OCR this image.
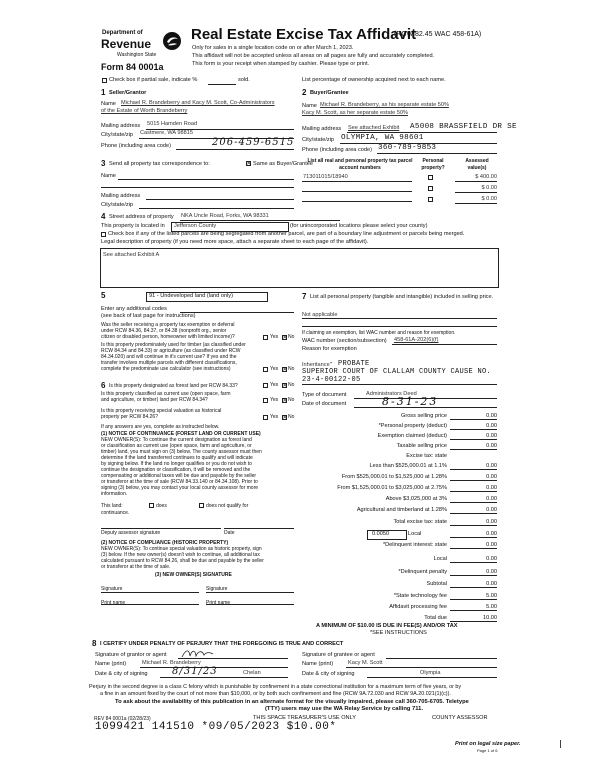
Department of
Revenue
Washington State
Form 84 0001a
Real Estate Excise Tax Affidavit
(RCW 82.45 WAC 458-61A)
Only for sales in a single location code on or after March 1, 2023.
This affidavit will not be accepted unless all areas on all pages are fully and accurately completed.
This form is your receipt when stamped by cashier. Please type or print.
Check box if partial sale, indicate %	sold.	List percentage of ownership acquired next to each name.
1 Seller/Grantor
Name Michael R. Brandeberry and Kacy M. Scott, Co-Administrators
of the Estate of Worth Brandeberry
Mailing address 5015 Hamden Road
City/state/zip Castmere, WA 98815
Phone (including area code)	206-459-6515
2 Buyer/Grantee
Name Michael R. Brandeberry, as his separate estate 50%
Kacy M. Scott, as her separate estate 50%
Mailing address See attached Exhibit A5008 BRASSFIELD DR SE
City/state/zip OLYMPIA, WA 98601
Phone (including area code) 360-789-9853
3 Send all property tax correspondence to: ✕	Same as Buyer/Grantee
Name
Mailing address
City/state/zip
List all real and personal property tax parcel account numbers
Personal property?
Assessed value(s)
713011015/18940	$ 400.00
$ 0.00
$ 0.00
4 Street address of property NKA Uncle Road, Forks, WA 98331
This property is located in Jefferson County	(for unincorporated locations please select your county)
Check box if any of the listed parcels are being segregated from another parcel, are part of a boundary line adjustment or parcels being merged.
Legal description of property (if you need more space, attach a separate sheet to each page of the affidavit).
See attached Exhibit A
5	91 - Undeveloped land (land only)
Enter any additional codes
(see back of last page for instructions)
Was the seller receiving a property tax exemption or deferral
under RCW 84.36, 84.37, or 84.38 (nonprofit org., senior
citizen or disabled person, homeowner with limited income)?	Yes ✕ No
Is this property predominately used for timber (as classified under
RCW 84.34 and 84.33) or agriculture (as classified under RCW
84.34.020) and will continue in it's current use? If yes and the
transfer involves multiple parcels with different classifications,
complete the predominate use calculator (see instructions)	Yes ✕ No
6 Is this property designated as forest land per RCW 84.33?	Yes ✕ No
Is this property classified as current use (open space, farm
and agriculture, or timber) land per RCW 84.34?	Yes ✕ No
Is this property receiving special valuation as historical
property per RCW 84.26?	Yes ✕ No
If any answers are yes, complete as instructed below.
(1) NOTICE OF CONTINUANCE (FOREST LAND OR CURRENT USE)
NEW OWNER(S): To continue the current designation as forest land
or classification as current use (open space, farm and agriculture, or
timber) land, you must sign on (3) below. The county assessor must then
determine if the land transferred continues to qualify and will indicate
by signing below. If the land no longer qualifies or you do not wish to
continue the designation or classification, it will be removed and the
compensating or additional taxes will be due and payable by the seller
or transferor at the time of sale (RCW 84.33.140 or 84.34.108). Prior to
signing (3) below, you may contact your local county assessor for more
information.
This land:	does	does not qualify for
continuance.
Deputy assessor signature	Date
(2) NOTICE OF COMPLIANCE (HISTORIC PROPERTY)
NEW OWNER(S): To continue special valuation as historic property, sign
(3) below. If the new owner(s) doesn't wish to continue, all additional tax
calculated pursuant to RCW 84.26, shall be due and payable by the seller
or transferor at the time of sale.
(3) NEW OWNER(S) SIGNATURE
Signature	Signature
Print name	Print name
7 List all personal property (tangible and intangible) included in selling price.
Not applicable
If claiming an exemption, list WAC number and reason for exemption.
WAC number (section/subsection) 458-61A-202(6)(f)
Reason for exemption
Inheritance - PROBATE
SUPERIOR COURT OF CLALLAM COUNTY CAUSE NO.
23-4-00122-05
Type of document	Administrators Deed
Date of document	8-31-23
Gross selling price	0.00
*Personal property (deduct)	0.00
Exemption claimed (deduct)	0.00
Taxable selling price	0.00
Excise tax: state
Less than $525,000.01 at 1.1%	0.00
From $525,000.01 to $1,525,000 at 1.28%	0.00
From $1,525,000.01 to $3,025,000 at 2.75%	0.00
Above $3,025,000 at 3%	0.00
Agricultural and timberland at 1.28%	0.00
Total excise tax: state	0.00
0.0050	Local	0.00
*Delinquent interest: state	0.00
Local	0.00
*Delinquent penalty	0.00
Subtotal	0.00
*State technology fee	5.00
Affidavit processing fee	5.00
Total due	10.00
A MINIMUM OF $10.00 IS DUE IN FEE(S) AND/OR TAX
*SEE INSTRUCTIONS
8 I CERTIFY UNDER PENALTY OF PERJURY THAT THE FOREGOING IS TRUE AND CORRECT
Signature of grantor or agent
Name (print)	Michael R. Brandeberry
Date & city of signing 8/31/23	Chelan
Signature of grantee or agent
Name (print)	Kacy M. Scott
Date & city of signing	Olympia
Perjury in the second degree is a class C felony which is punishable by confinement in a state correctional institution for a maximum term of five years, or by
a fine in an amount fixed by the court of not more than $10,000, or by both such confinement and fine (RCW 9A.72.030 and RCW 9A.20.021(1)(c)).
To ask about the availability of this publication in an alternate format for the visually impaired, please call 360-705-6705. Teletype
(TTY) users may use the WA Relay Service by calling 711.
REV 84 0001a (02/28/23)	THIS SPACE TREASURER'S USE ONLY	COUNTY ASSESSOR
1099421 141510 *09/05/2023 $10.00*
Print on legal size paper.
Page 1 of 6
